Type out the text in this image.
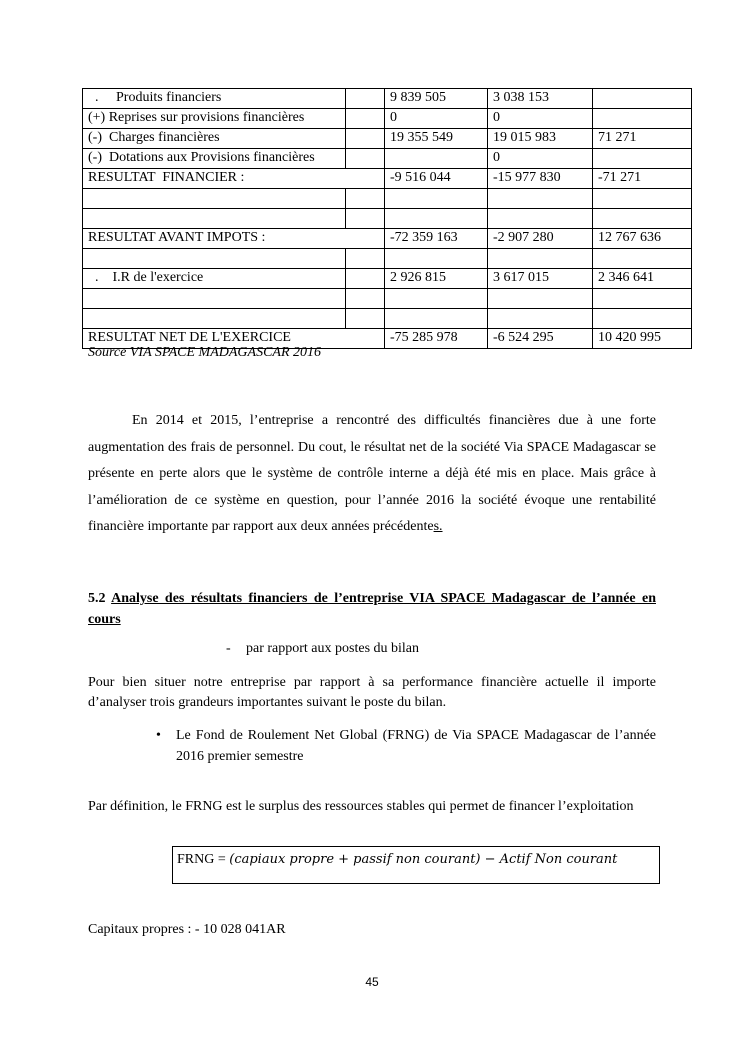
.     Produits financiers		9 839 505	3 038 153	
(+) Reprises sur provisions financières		0	0	
(-)  Charges financières		19 355 549	19 015 983	71 271
(-)  Dotations aux Provisions financières			0	
RESULTAT  FINANCIER :		-9 516 044	-15 977 830	-71 271

RESULTAT AVANT IMPOTS :		-72 359 163	-2 907 280	12 767 636

.    I.R de l'exercice		2 926 815	3 617 015	2 346 641

RESULTAT NET DE L'EXERCICE		-75 285 978	-6 524 295	10 420 995
Source VIA SPACE MADAGASCAR 2016

En 2014 et 2015, l’entreprise a rencontré des difficultés financières due à une forte augmentation des frais de personnel. Du cout, le résultat net de la société Via SPACE Madagascar se présente en perte alors que le système de contrôle interne a déjà été mis en place. Mais grâce à l’amélioration de ce système en question, pour l’année 2016 la société évoque une rentabilité financière importante par rapport aux deux années précédentes.

5.2 Analyse des résultats financiers de l’entreprise VIA SPACE Madagascar de l’année en cours
- par rapport aux postes du bilan

Pour bien situer notre entreprise par rapport à sa performance financière actuelle il importe d’analyser trois grandeurs importantes suivant le poste du bilan.

• Le Fond de Roulement Net Global (FRNG) de Via SPACE Madagascar de l’année 2016 premier semestre

Par définition, le FRNG est le surplus des ressources stables qui permet de financer l’exploitation

FRNG = (capiaux propre + passif non courant) − Actif Non courant
Capitaux propres : - 10 028 041AR
45
